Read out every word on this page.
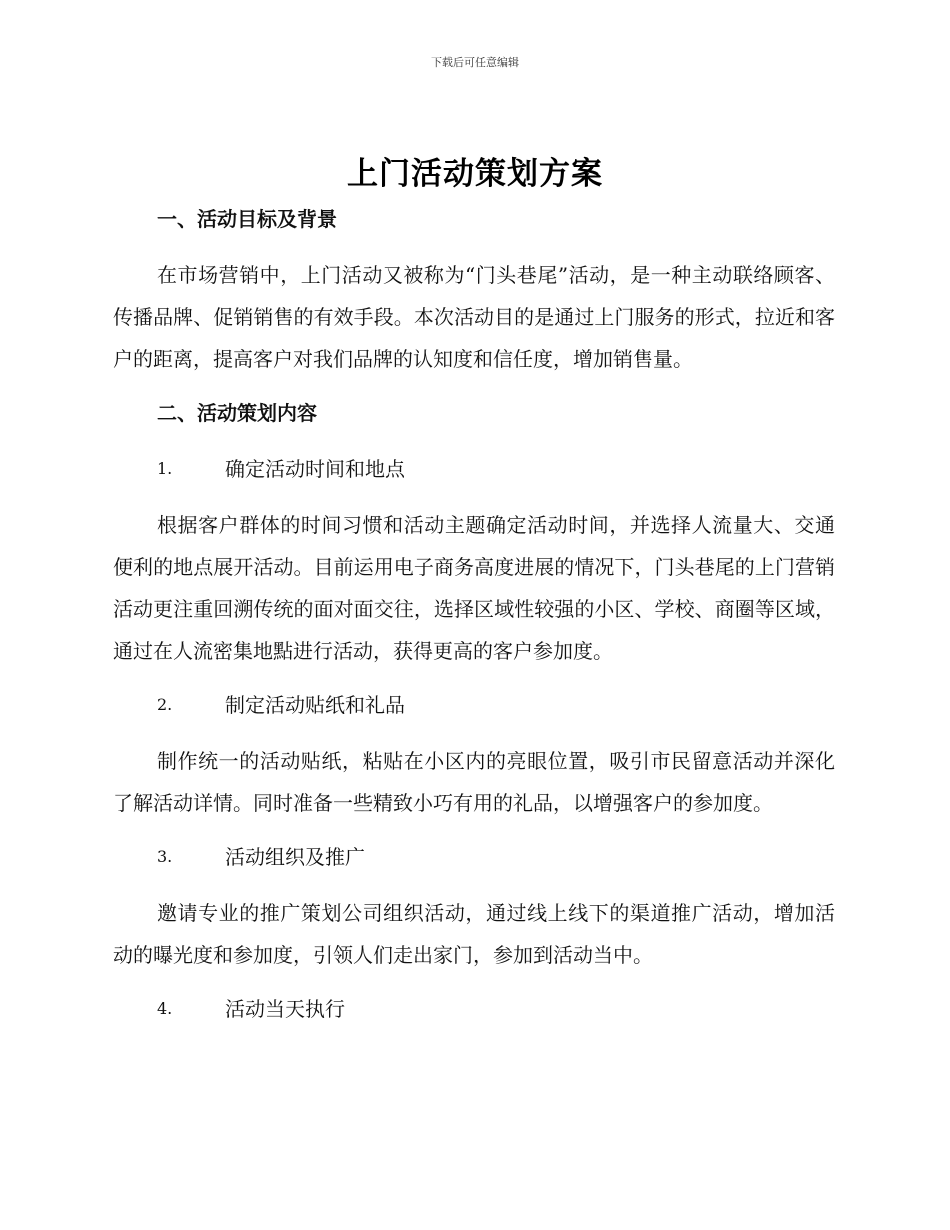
下载后可任意编辑
上门活动策划方案

一、活动目标及背景

在市场营销中，上门活动又被称为“门头巷尾”活动，是一种主动联络顾客、传播品牌、促销销售的有效手段。本次活动目的是通过上门服务的形式，拉近和客户的距离，提高客户对我们品牌的认知度和信任度，增加销售量。

二、活动策划内容

1.	确定活动时间和地点

根据客户群体的时间习惯和活动主题确定活动时间，并选择人流量大、交通便利的地点展开活动。目前运用电子商务高度进展的情况下，门头巷尾的上门营销活动更注重回溯传统的面对面交往，选择区域性较强的小区、学校、商圈等区域，通过在人流密集地點进行活动，获得更高的客户参加度。

2.	制定活动贴纸和礼品

制作统一的活动贴纸，粘贴在小区内的亮眼位置，吸引市民留意活动并深化了解活动详情。同时准备一些精致小巧有用的礼品，以增强客户的参加度。

3.	活动组织及推广

邀请专业的推广策划公司组织活动，通过线上线下的渠道推广活动，增加活动的曝光度和参加度，引领人们走出家门，参加到活动当中。

4.	活动当天执行
